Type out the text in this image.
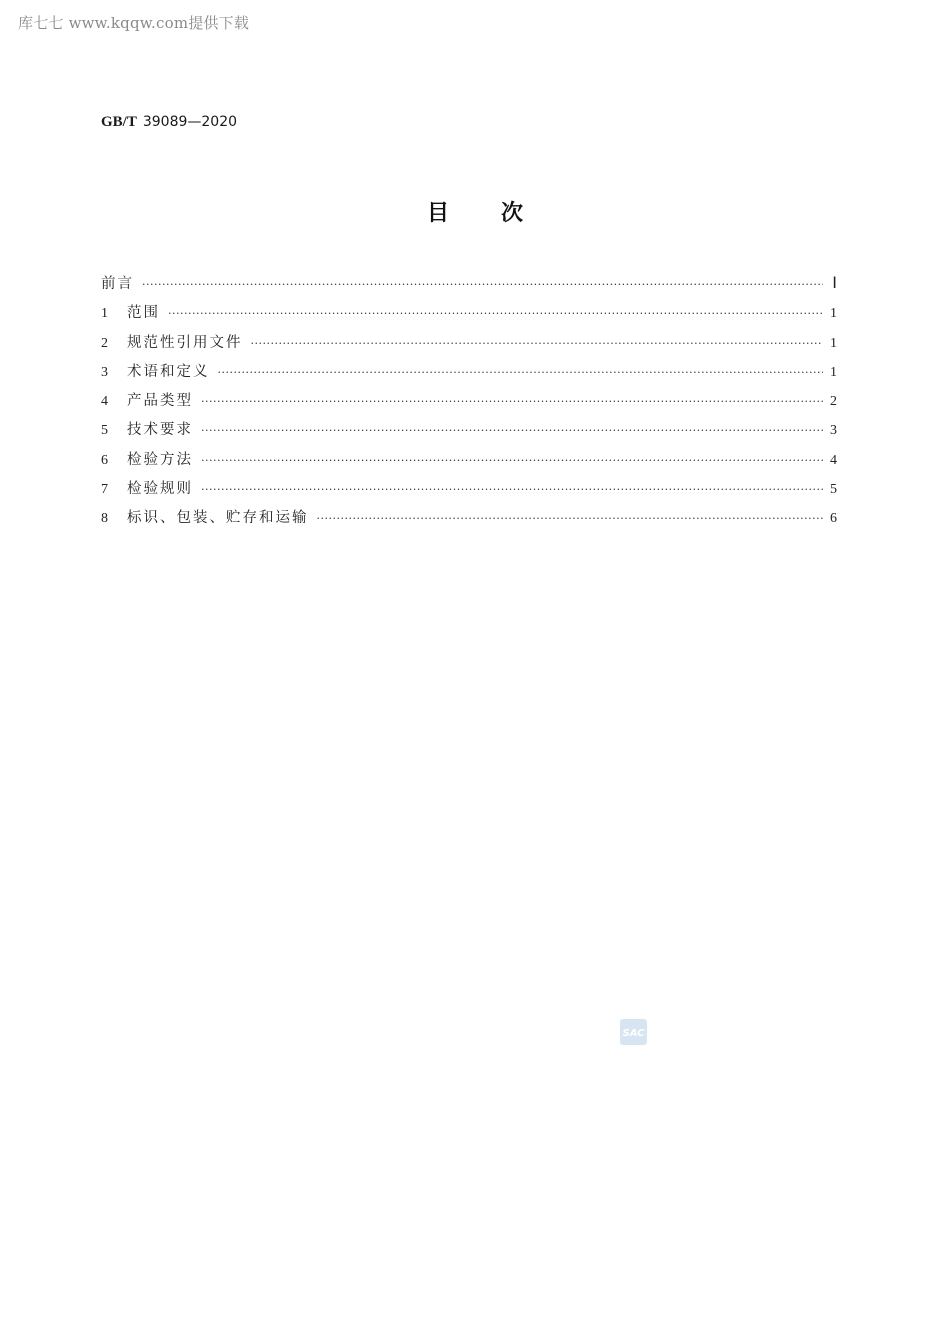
库七七 www.kqqw.com提供下载
GB/T 39089—2020
目 次
前言 ·····	Ⅰ
1	范围 ·····	1
2	规范性引用文件 ·····	1
3	术语和定义 ·····	1
4	产品类型 ·····	2
5	技术要求 ·····	3
6	检验方法 ·····	4
7	检验规则 ·····	5
8	标识、包装、贮存和运输 ·····	6
SAC
